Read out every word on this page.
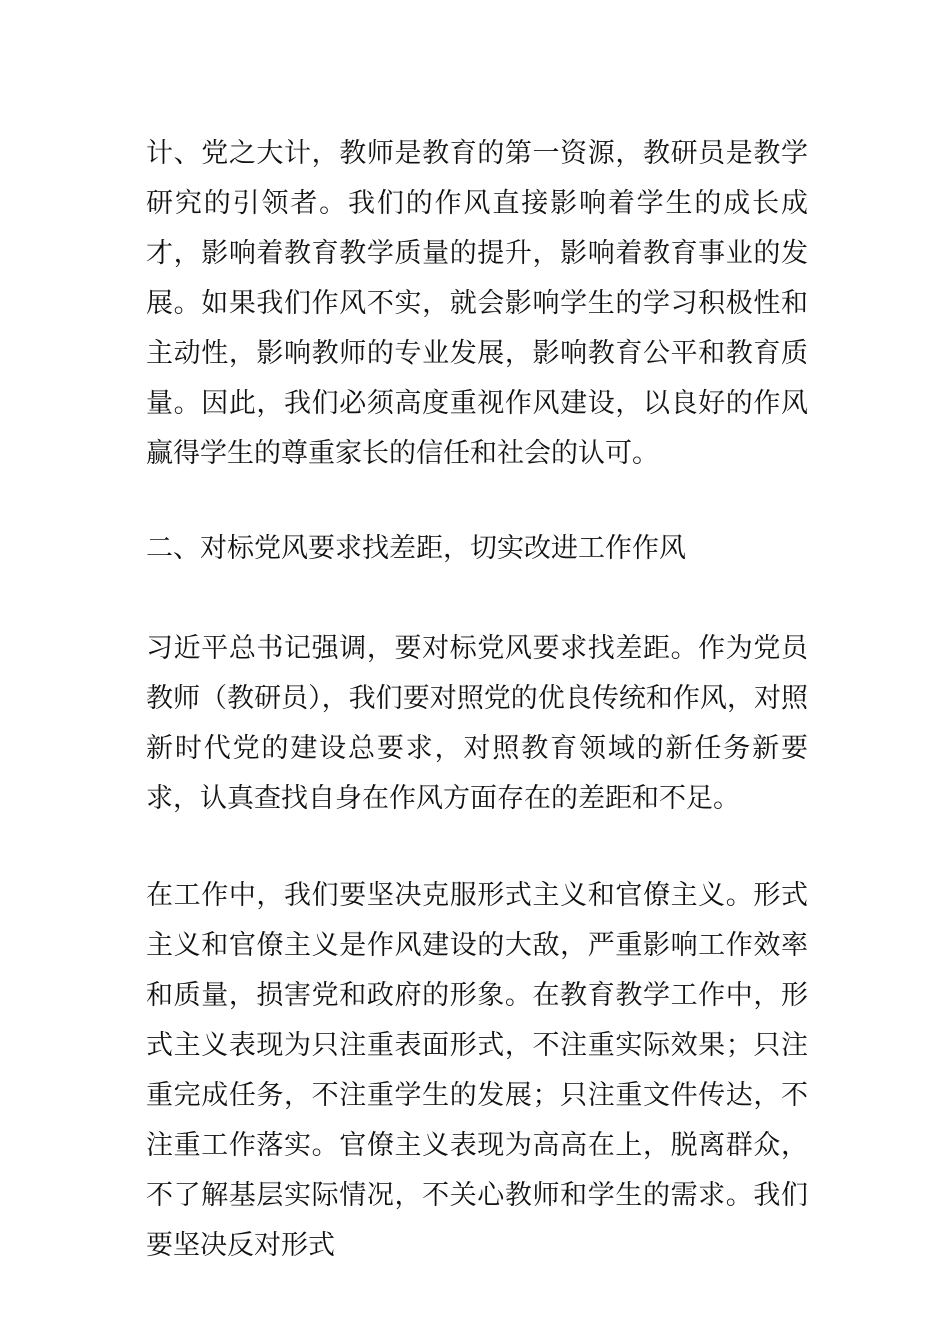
计、党之大计，教师是教育的第一资源，教研员是教学研究的引领者。我们的作风直接影响着学生的成长成才，影响着教育教学质量的提升，影响着教育事业的发展。如果我们作风不实，就会影响学生的学习积极性和主动性，影响教师的专业发展，影响教育公平和教育质量。因此，我们必须高度重视作风建设，以良好的作风赢得学生的尊重家长的信任和社会的认可。

二、对标党风要求找差距，切实改进工作作风

习近平总书记强调，要对标党风要求找差距。作为党员教师（教研员），我们要对照党的优良传统和作风，对照新时代党的建设总要求，对照教育领域的新任务新要求，认真查找自身在作风方面存在的差距和不足。

在工作中，我们要坚决克服形式主义和官僚主义。形式主义和官僚主义是作风建设的大敌，严重影响工作效率和质量，损害党和政府的形象。在教育教学工作中，形式主义表现为只注重表面形式，不注重实际效果；只注重完成任务，不注重学生的发展；只注重文件传达，不注重工作落实。官僚主义表现为高高在上，脱离群众，不了解基层实际情况，不关心教师和学生的需求。我们要坚决反对形式
